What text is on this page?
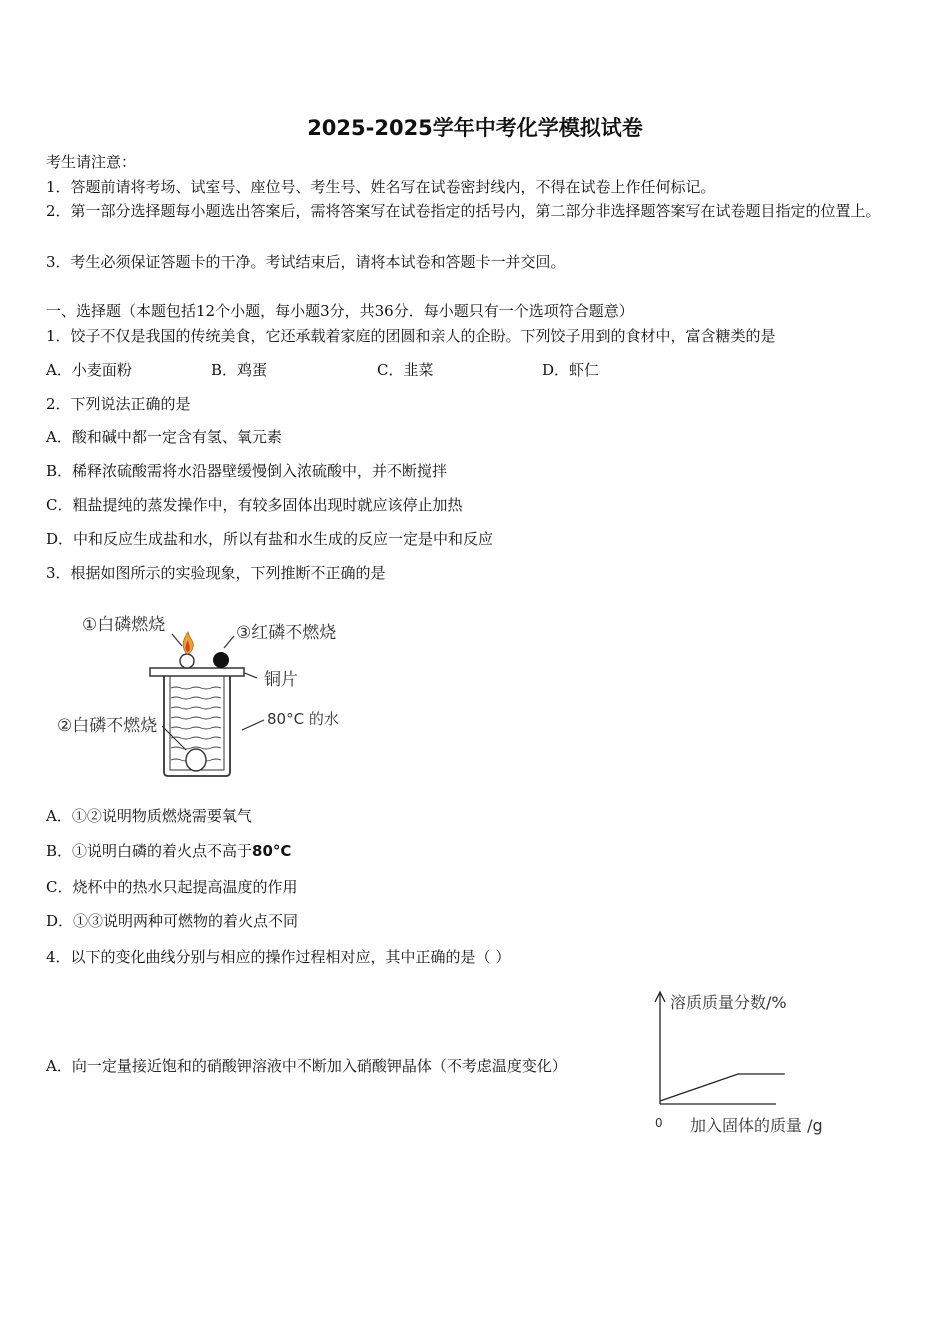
2025-2025学年中考化学模拟试卷
考生请注意：
1．答题前请将考场、试室号、座位号、考生号、姓名写在试卷密封线内，不得在试卷上作任何标记。
2．第一部分选择题每小题选出答案后，需将答案写在试卷指定的括号内，第二部分非选择题答案写在试卷题目指定的位置上。
3．考生必须保证答题卡的干净。考试结束后，请将本试卷和答题卡一并交回。
一、选择题（本题包括12个小题，每小题3分，共36分．每小题只有一个选项符合题意）
1．饺子不仅是我国的传统美食，它还承载着家庭的团圆和亲人的企盼。下列饺子用到的食材中，富含糖类的是
A．小麦面粉	B．鸡蛋	C．韭菜	D．虾仁
2．下列说法正确的是
A．酸和碱中都一定含有氢、氧元素
B．稀释浓硫酸需将水沿器壁缓慢倒入浓硫酸中，并不断搅拌
C．粗盐提纯的蒸发操作中，有较多固体出现时就应该停止加热
D．中和反应生成盐和水，所以有盐和水生成的反应一定是中和反应
3．根据如图所示的实验现象，下列推断不正确的是
①白磷燃烧	③红磷不燃烧
铜片
②白磷不燃烧	80°C 的水
A．①②说明物质燃烧需要氧气
B．①说明白磷的着火点不高于80°C
C．烧杯中的热水只起提高温度的作用
D．①③说明两种可燃物的着火点不同
4．以下的变化曲线分别与相应的操作过程相对应，其中正确的是（ ）
A．向一定量接近饱和的硝酸钾溶液中不断加入硝酸钾晶体（不考虑温度变化）
溶质质量分数/%
加入固体的质量 /g
0
